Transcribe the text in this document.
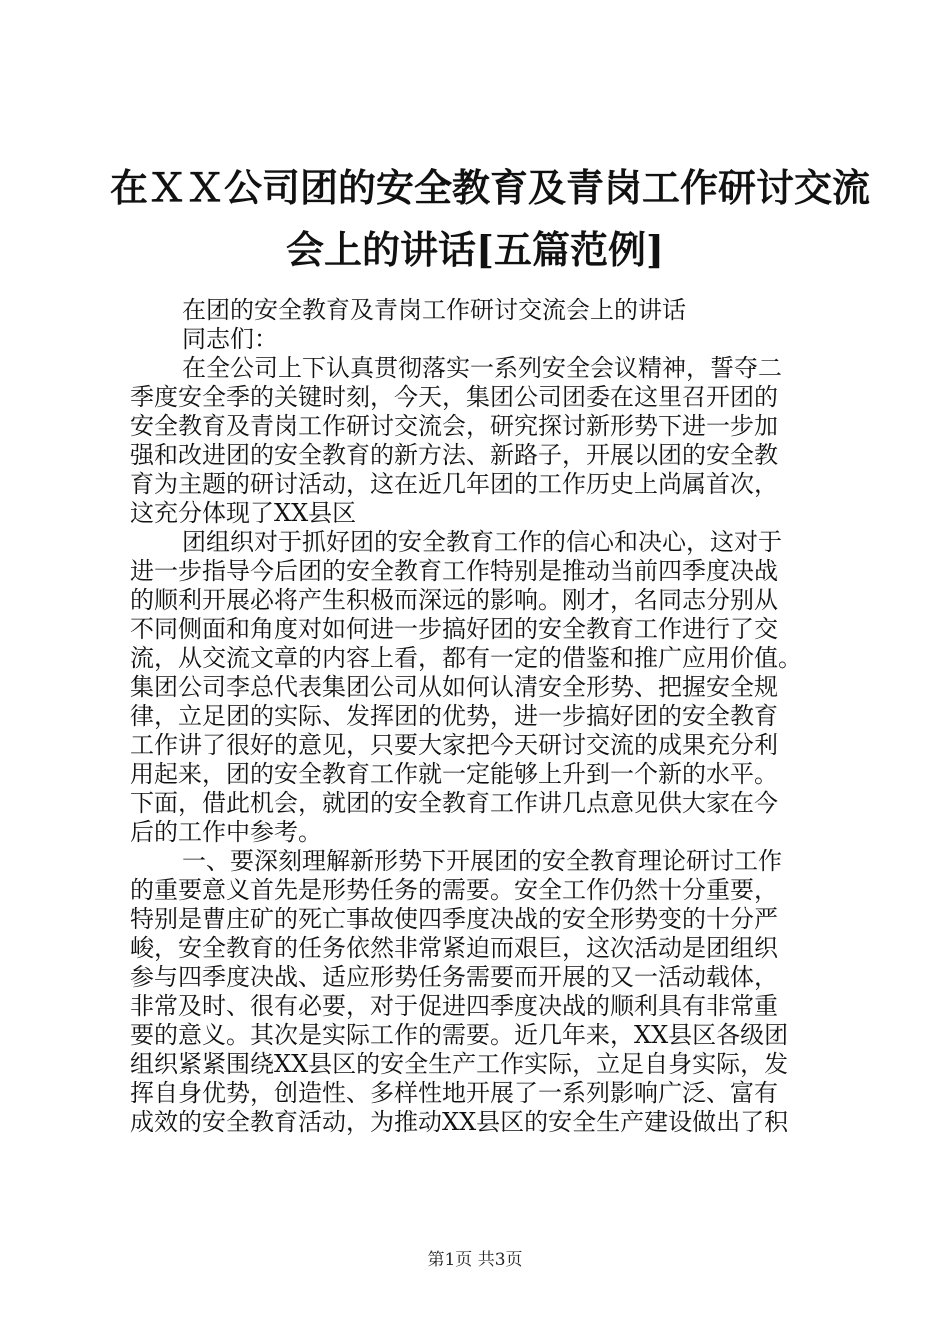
在ＸＸ公司团的安全教育及青岗工作研讨交流
会上的讲话[五篇范例]
在团的安全教育及青岗工作研讨交流会上的讲话
同志们：
在全公司上下认真贯彻落实一系列安全会议精神，誓夺二
季度安全季的关键时刻，今天，集团公司团委在这里召开团的
安全教育及青岗工作研讨交流会，研究探讨新形势下进一步加
强和改进团的安全教育的新方法、新路子，开展以团的安全教
育为主题的研讨活动，这在近几年团的工作历史上尚属首次，
这充分体现了XX县区
团组织对于抓好团的安全教育工作的信心和决心，这对于
进一步指导今后团的安全教育工作特别是推动当前四季度决战
的顺利开展必将产生积极而深远的影响。刚才，名同志分别从
不同侧面和角度对如何进一步搞好团的安全教育工作进行了交
流，从交流文章的内容上看，都有一定的借鉴和推广应用价值。
集团公司李总代表集团公司从如何认清安全形势、把握安全规
律，立足团的实际、发挥团的优势，进一步搞好团的安全教育
工作讲了很好的意见，只要大家把今天研讨交流的成果充分利
用起来，团的安全教育工作就一定能够上升到一个新的水平。
下面，借此机会，就团的安全教育工作讲几点意见供大家在今
后的工作中参考。
一、要深刻理解新形势下开展团的安全教育理论研讨工作
的重要意义首先是形势任务的需要。安全工作仍然十分重要，
特别是曹庄矿的死亡事故使四季度决战的安全形势变的十分严
峻，安全教育的任务依然非常紧迫而艰巨，这次活动是团组织
参与四季度决战、适应形势任务需要而开展的又一活动载体，
非常及时、很有必要，对于促进四季度决战的顺利具有非常重
要的意义。其次是实际工作的需要。近几年来，XX县区各级团
组织紧紧围绕XX县区的安全生产工作实际，立足自身实际，发
挥自身优势，创造性、多样性地开展了一系列影响广泛、富有
成效的安全教育活动，为推动XX县区的安全生产建设做出了积
第1页 共3页
